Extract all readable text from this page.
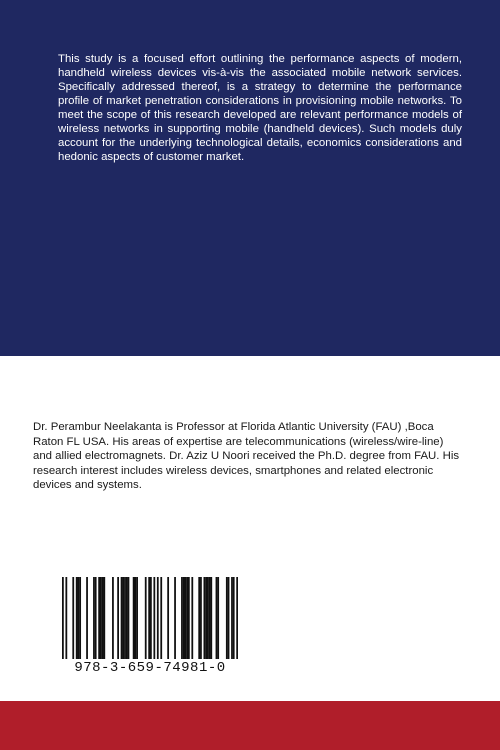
This study is a focused effort outlining the performance aspects of modern, handheld wireless devices vis-à-vis the associated mobile network services. Specifically addressed thereof, is a strategy to determine the performance profile of market penetration considerations in provisioning mobile networks. To meet the scope of this research developed are relevant performance models of wireless networks in supporting mobile (handheld devices). Such models duly account for the underlying technological details, economics considerations and hedonic aspects of customer market.

Dr. Perambur Neelakanta is Professor at Florida Atlantic University (FAU) ,Boca Raton FL USA. His areas of expertise are telecommunications (wireless/wire-line) and allied electromagnets. Dr. Aziz U Noori received the Ph.D. degree from FAU. His research interest includes wireless devices, smartphones and related electronic devices and systems.

978-3-659-74981-0
